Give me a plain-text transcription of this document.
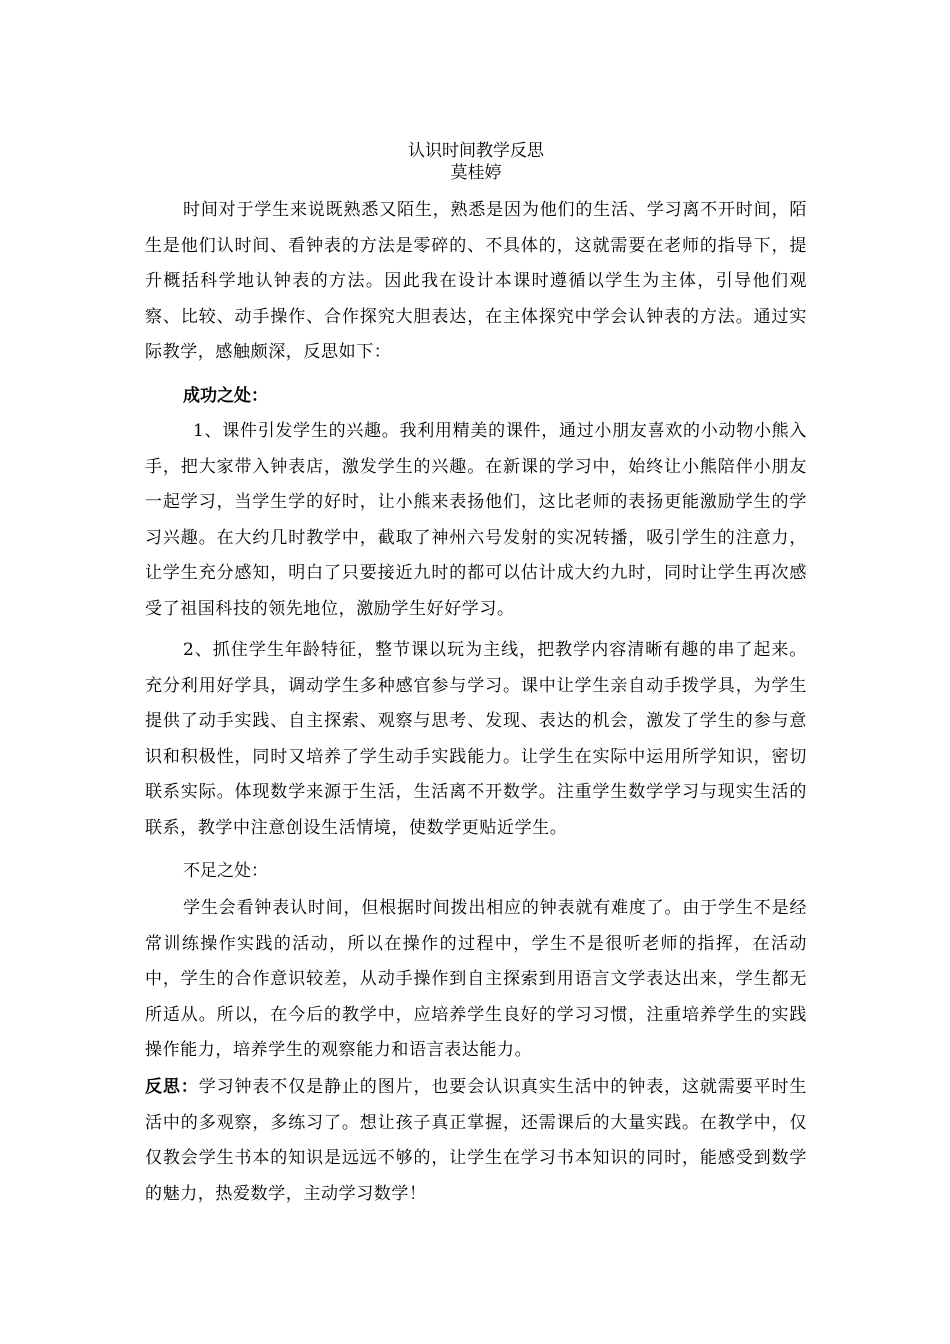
认识时间教学反思
莫桂婷

时间对于学生来说既熟悉又陌生，熟悉是因为他们的生活、学习离不开时间，陌生是他们认时间、看钟表的方法是零碎的、不具体的，这就需要在老师的指导下，提升概括科学地认钟表的方法。因此我在设计本课时遵循以学生为主体，引导他们观察、比较、动手操作、合作探究大胆表达，在主体探究中学会认钟表的方法。通过实际教学，感触颇深，反思如下：

成功之处：

1、课件引发学生的兴趣。我利用精美的课件，通过小朋友喜欢的小动物小熊入手，把大家带入钟表店，激发学生的兴趣。在新课的学习中，始终让小熊陪伴小朋友一起学习，当学生学的好时，让小熊来表扬他们，这比老师的表扬更能激励学生的学习兴趣。在大约几时教学中，截取了神州六号发射的实况转播，吸引学生的注意力，让学生充分感知，明白了只要接近九时的都可以估计成大约九时，同时让学生再次感受了祖国科技的领先地位，激励学生好好学习。

2、抓住学生年龄特征，整节课以玩为主线，把教学内容清晰有趣的串了起来。充分利用好学具，调动学生多种感官参与学习。课中让学生亲自动手拨学具，为学生提供了动手实践、自主探索、观察与思考、发现、表达的机会，激发了学生的参与意识和积极性，同时又培养了学生动手实践能力。让学生在实际中运用所学知识，密切联系实际。体现数学来源于生活，生活离不开数学。注重学生数学学习与现实生活的联系，教学中注意创设生活情境，使数学更贴近学生。

不足之处：

学生会看钟表认时间，但根据时间拨出相应的钟表就有难度了。由于学生不是经常训练操作实践的活动，所以在操作的过程中，学生不是很听老师的指挥，在活动中，学生的合作意识较差，从动手操作到自主探索到用语言文学表达出来，学生都无所适从。所以，在今后的教学中，应培养学生良好的学习习惯，注重培养学生的实践操作能力，培养学生的观察能力和语言表达能力。

反思：学习钟表不仅是静止的图片，也要会认识真实生活中的钟表，这就需要平时生活中的多观察，多练习了。想让孩子真正掌握，还需课后的大量实践。在教学中，仅仅教会学生书本的知识是远远不够的，让学生在学习书本知识的同时，能感受到数学的魅力，热爱数学，主动学习数学！
